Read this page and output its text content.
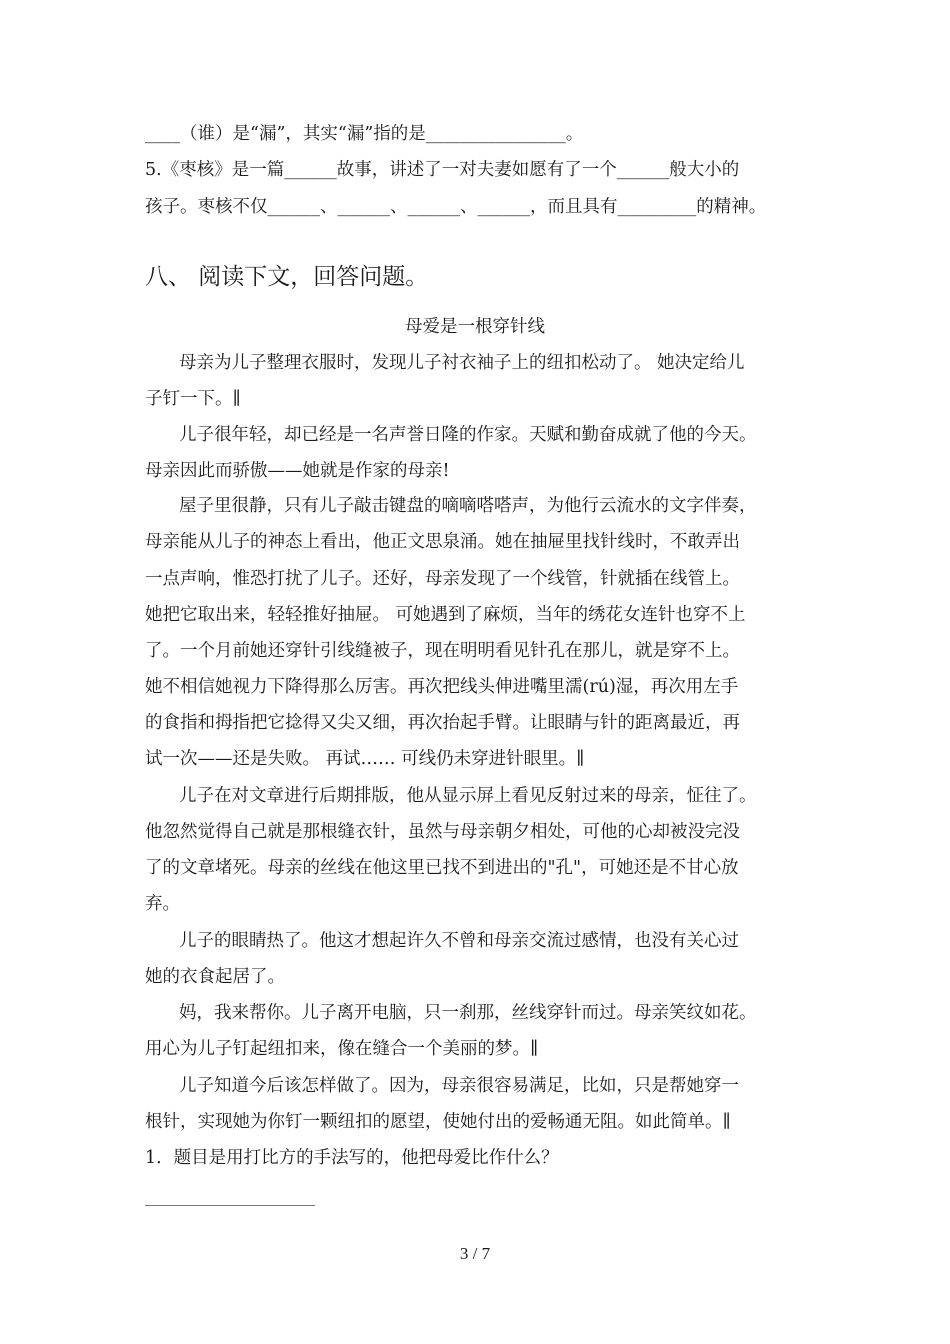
____（谁）是“漏”，其实“漏”指的是________________。
5.《枣核》是一篇______故事，讲述了一对夫妻如愿有了一个______般大小的
孩子。枣核不仅______、______、______、______，而且具有_________的精神。
八、 阅读下文，回答问题。
母爱是一根穿针线
母亲为儿子整理衣服时，发现儿子衬衣袖子上的纽扣松动了。 她决定给儿
子钉一下。∥
儿子很年轻，却已经是一名声誉日隆的作家。天赋和勤奋成就了他的今天。
母亲因此而骄傲——她就是作家的母亲!
屋子里很静，只有儿子敲击键盘的嘀嘀嗒嗒声，为他行云流水的文字伴奏，
母亲能从儿子的神态上看出，他正文思泉涌。她在抽屉里找针线时，不敢弄出
一点声响，惟恐打扰了儿子。还好，母亲发现了一个线管，针就插在线管上。
她把它取出来，轻轻推好抽屉。 可她遇到了麻烦，当年的绣花女连针也穿不上
了。一个月前她还穿针引线缝被子，现在明明看见针孔在那儿，就是穿不上。
她不相信她视力下降得那么厉害。再次把线头伸进嘴里濡(rú)湿，再次用左手
的食指和拇指把它捻得又尖又细，再次抬起手臂。让眼睛与针的距离最近，再
试一次——还是失败。 再试…… 可线仍未穿进针眼里。∥
儿子在对文章进行后期排版，他从显示屏上看见反射过来的母亲，怔往了。
他忽然觉得自己就是那根缝衣针，虽然与母亲朝夕相处，可他的心却被没完没
了的文章堵死。母亲的丝线在他这里已找不到进出的"孔"，可她还是不甘心放
弃。
儿子的眼睛热了。他这才想起许久不曾和母亲交流过感情，也没有关心过
她的衣食起居了。
妈，我来帮你。儿子离开电脑，只一刹那，丝线穿针而过。母亲笑纹如花。
用心为儿子钉起纽扣来，像在缝合一个美丽的梦。∥
儿子知道今后该怎样做了。因为，母亲很容易满足，比如，只是帮她穿一
根针，实现她为你钉一颗纽扣的愿望，使她付出的爱畅通无阻。如此简单。∥
1．题目是用打比方的手法写的，他把母爱比作什么？
3 / 7
